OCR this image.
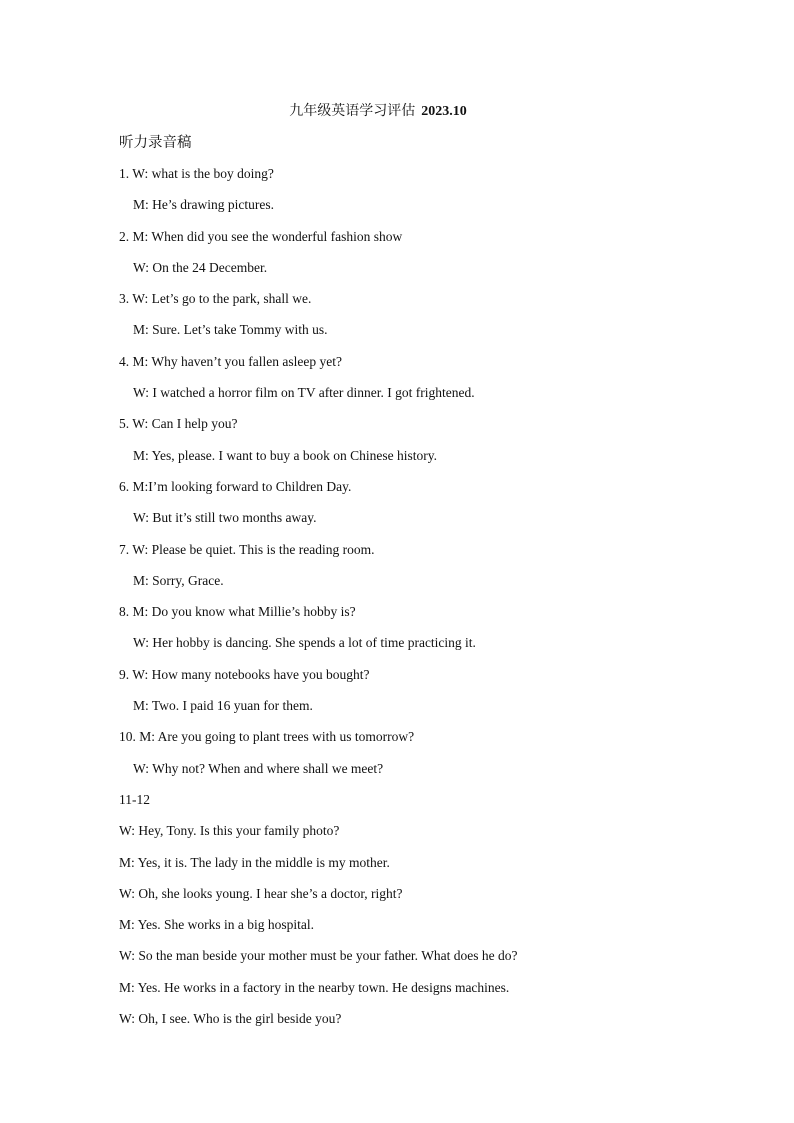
九年级英语学习评估 2023.10
听力录音稿
1. W: what is the boy doing?
M: He’s drawing pictures.
2. M: When did you see the wonderful fashion show
W: On the 24 December.
3. W: Let’s go to the park, shall we.
M: Sure. Let’s take Tommy with us.
4. M: Why haven’t you fallen asleep yet?
W: I watched a horror film on TV after dinner. I got frightened.
5. W: Can I help you?
M: Yes, please. I want to buy a book on Chinese history.
6. M:I’m looking forward to Children Day.
W: But it’s still two months away.
7. W: Please be quiet. This is the reading room.
M: Sorry, Grace.
8. M: Do you know what Millie’s hobby is?
W: Her hobby is dancing. She spends a lot of time practicing it.
9. W: How many notebooks have you bought?
M: Two. I paid 16 yuan for them.
10. M: Are you going to plant trees with us tomorrow?
W: Why not? When and where shall we meet?
11-12
W: Hey, Tony. Is this your family photo?
M: Yes, it is. The lady in the middle is my mother.
W: Oh, she looks young. I hear she’s a doctor, right?
M: Yes. She works in a big hospital.
W: So the man beside your mother must be your father. What does he do?
M: Yes. He works in a factory in the nearby town. He designs machines.
W: Oh, I see. Who is the girl beside you?
